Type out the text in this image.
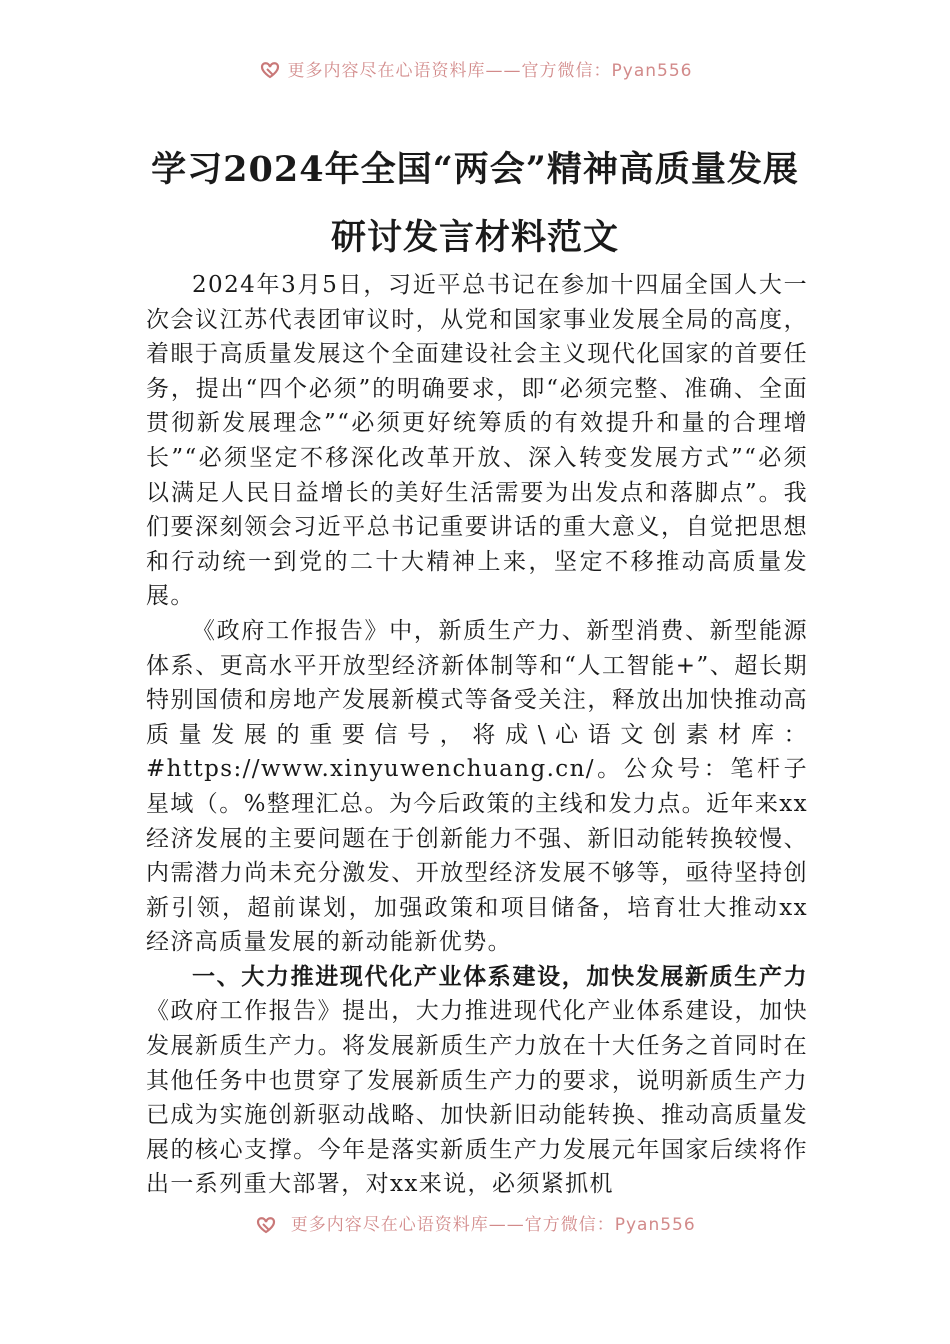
更多内容尽在心语资料库——官方微信：Pyan556
学习2024年全国“两会”精神高质量发展
研讨发言材料范文

2024年3月5日，习近平总书记在参加十四届全国人大一次会议江苏代表团审议时，从党和国家事业发展全局的高度，着眼于高质量发展这个全面建设社会主义现代化国家的首要任务，提出“四个必须”的明确要求，即“必须完整、准确、全面贯彻新发展理念”“必须更好统筹质的有效提升和量的合理增长”“必须坚定不移深化改革开放、深入转变发展方式”“必须以满足人民日益增长的美好生活需要为出发点和落脚点”。我们要深刻领会习近平总书记重要讲话的重大意义，自觉把思想和行动统一到党的二十大精神上来，坚定不移推动高质量发展。

《政府工作报告》中，新质生产力、新型消费、新型能源体系、更高水平开放型经济新体制等和“人工智能+”、超长期特别国债和房地产发展新模式等备受关注，释放出加快推动高质量发展的重要信号，将成\心语文创素材库：#https://www.xinyuwenchuang.cn/。公众号：笔杆子星域（。%整理汇总。为今后政策的主线和发力点。近年来xx经济发展的主要问题在于创新能力不强、新旧动能转换较慢、内需潜力尚未充分激发、开放型经济发展不够等，亟待坚持创新引领，超前谋划，加强政策和项目储备，培育壮大推动xx经济高质量发展的新动能新优势。

一、大力推进现代化产业体系建设，加快发展新质生产力《政府工作报告》提出，大力推进现代化产业体系建设，加快发展新质生产力。将发展新质生产力放在十大任务之首同时在其他任务中也贯穿了发展新质生产力的要求，说明新质生产力已成为实施创新驱动战略、加快新旧动能转换、推动高质量发展的核心支撑。今年是落实新质生产力发展元年国家后续将作出一系列重大部署，对xx来说，必须紧抓机

更多内容尽在心语资料库——官方微信：Pyan556
